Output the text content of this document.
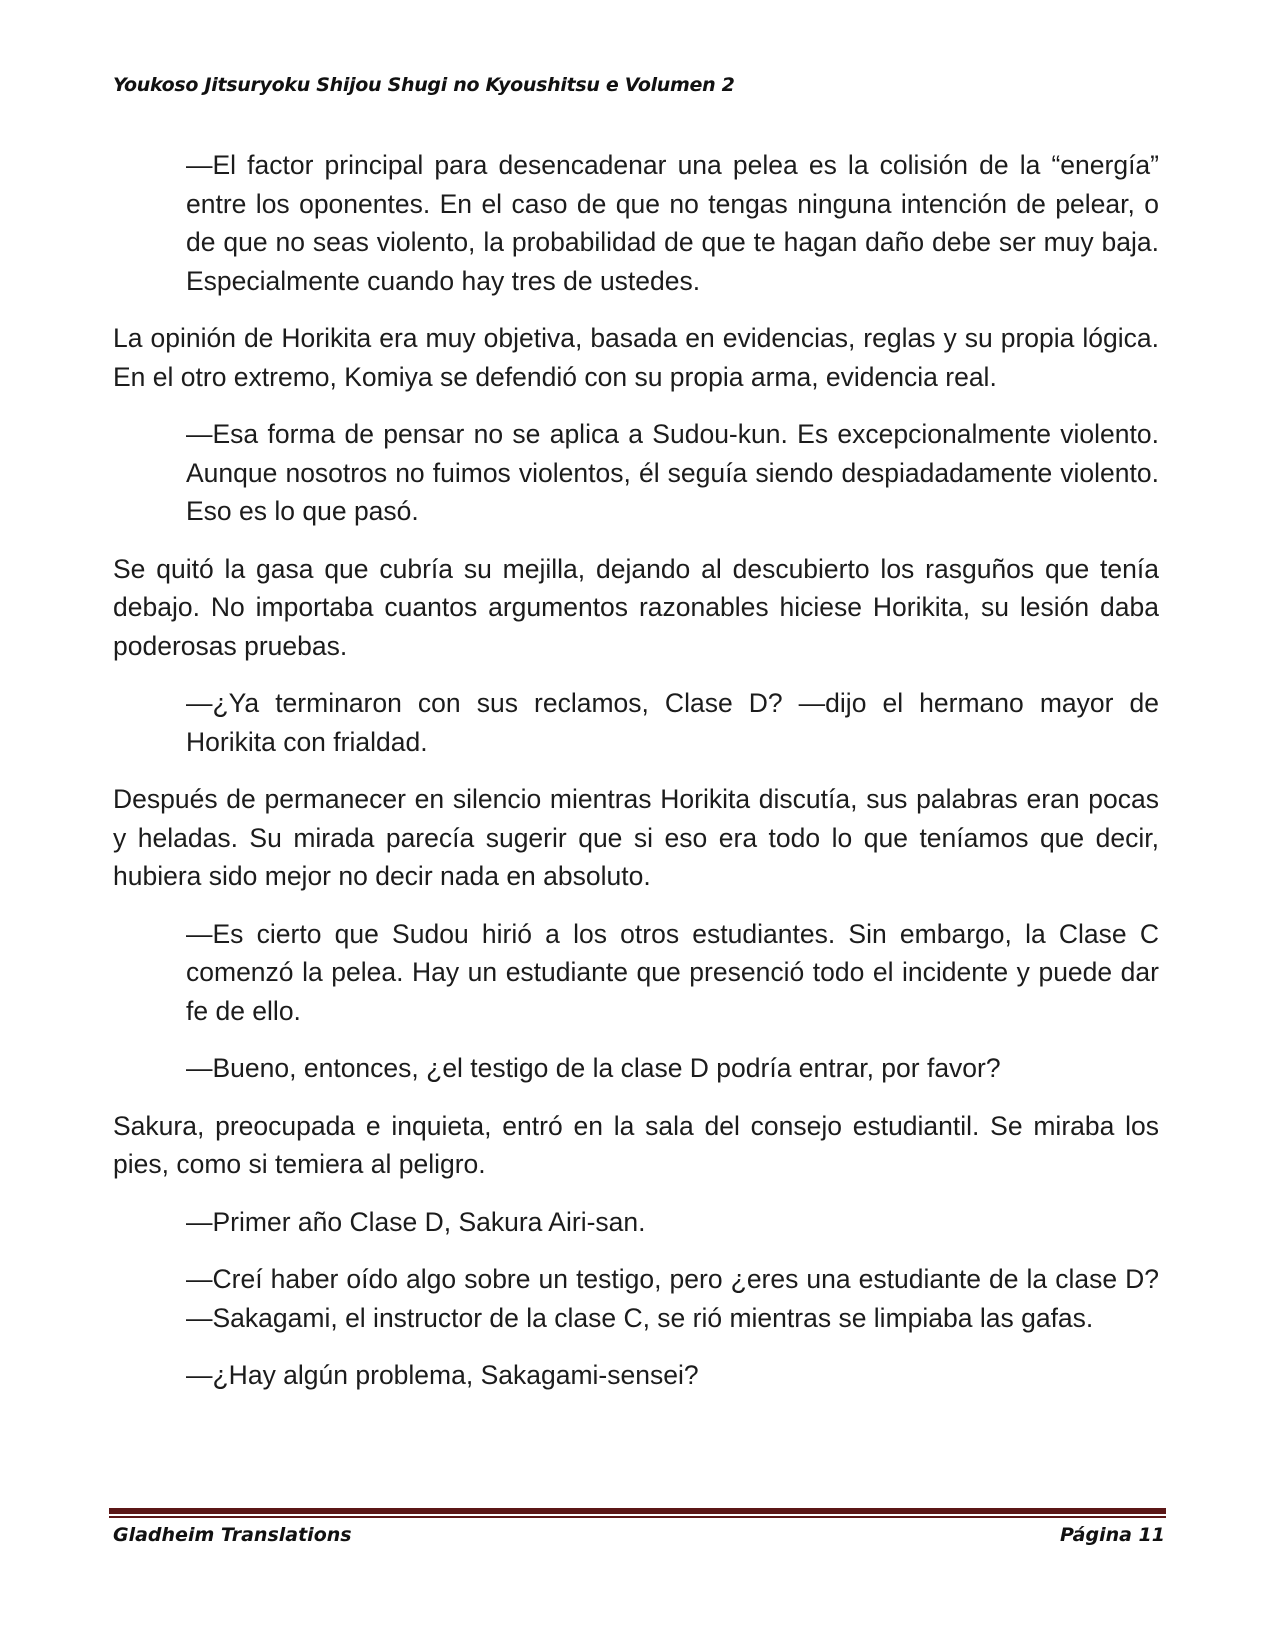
Youkoso Jitsuryoku Shijou Shugi no Kyoushitsu e Volumen 2

—El factor principal para desencadenar una pelea es la colisión de la “energía” entre los oponentes. En el caso de que no tengas ninguna intención de pelear, o de que no seas violento, la probabilidad de que te hagan daño debe ser muy baja. Especialmente cuando hay tres de ustedes.

La opinión de Horikita era muy objetiva, basada en evidencias, reglas y su propia lógica. En el otro extremo, Komiya se defendió con su propia arma, evidencia real.

—Esa forma de pensar no se aplica a Sudou-kun. Es excepcionalmente violento. Aunque nosotros no fuimos violentos, él seguía siendo despiadadamente violento. Eso es lo que pasó.

Se quitó la gasa que cubría su mejilla, dejando al descubierto los rasguños que tenía debajo. No importaba cuantos argumentos razonables hiciese Horikita, su lesión daba poderosas pruebas.

—¿Ya terminaron con sus reclamos, Clase D? —dijo el hermano mayor de Horikita con frialdad.

Después de permanecer en silencio mientras Horikita discutía, sus palabras eran pocas y heladas. Su mirada parecía sugerir que si eso era todo lo que teníamos que decir, hubiera sido mejor no decir nada en absoluto.

—Es cierto que Sudou hirió a los otros estudiantes. Sin embargo, la Clase C comenzó la pelea. Hay un estudiante que presenció todo el incidente y puede dar fe de ello.

—Bueno, entonces, ¿el testigo de la clase D podría entrar, por favor?

Sakura, preocupada e inquieta, entró en la sala del consejo estudiantil. Se miraba los pies, como si temiera al peligro.

—Primer año Clase D, Sakura Airi-san.

—Creí haber oído algo sobre un testigo, pero ¿eres una estudiante de la clase D? —Sakagami, el instructor de la clase C, se rió mientras se limpiaba las gafas.

—¿Hay algún problema, Sakagami-sensei?

Gladheim Translations	Página 11
